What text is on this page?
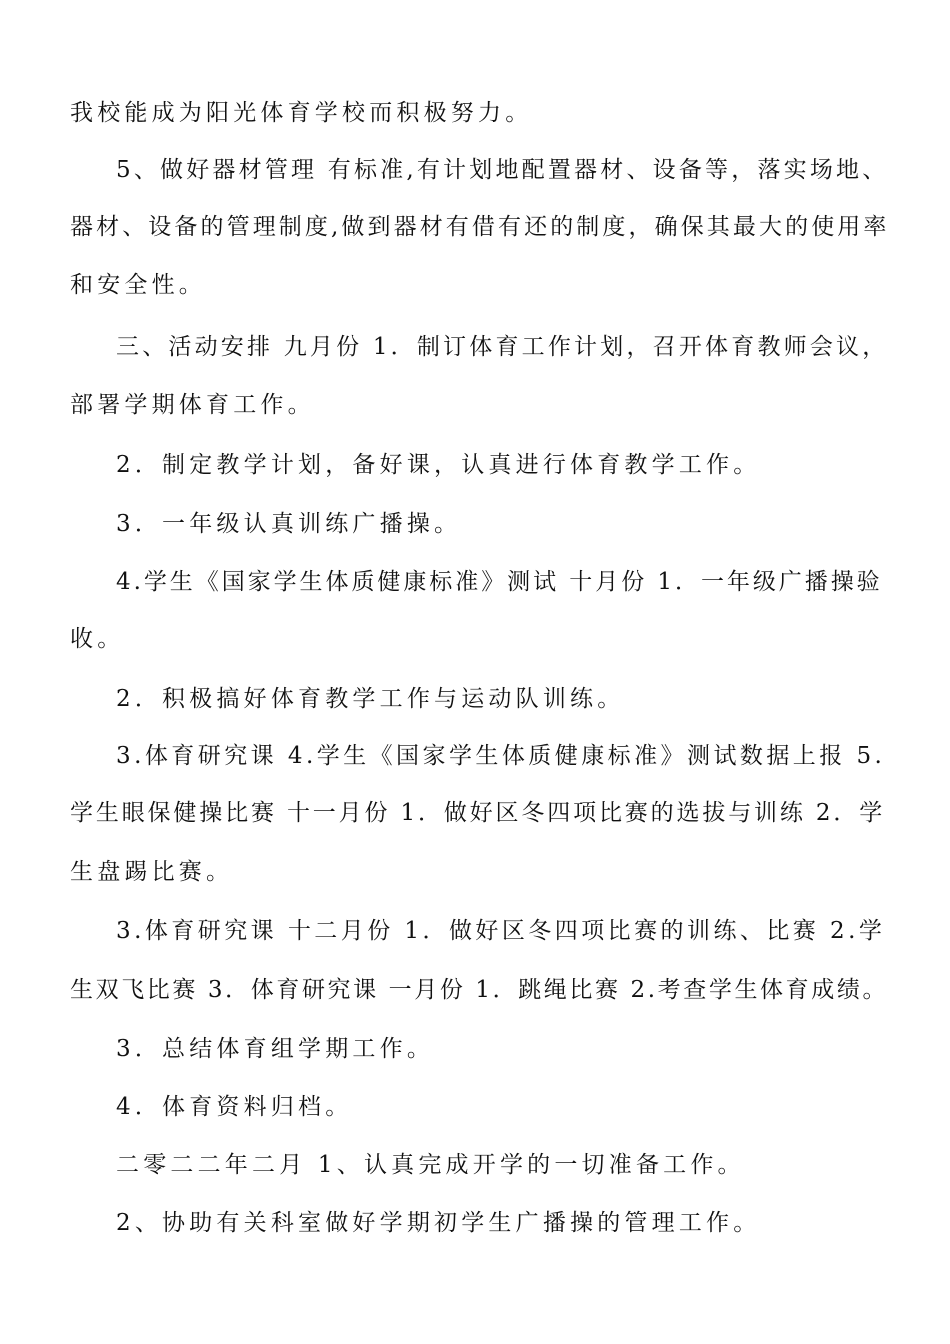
我校能成为阳光体育学校而积极努力。
5、做好器材管理 有标准,有计划地配置器材、设备等，落实场地、
器材、设备的管理制度,做到器材有借有还的制度，确保其最大的使用率
和安全性。
三、活动安排 九月份 1．制订体育工作计划，召开体育教师会议，
部署学期体育工作。
2．制定教学计划，备好课，认真进行体育教学工作。
3．一年级认真训练广播操。
4.学生《国家学生体质健康标准》测试 十月份 1．一年级广播操验
收。
2．积极搞好体育教学工作与运动队训练。
3.体育研究课 4.学生《国家学生体质健康标准》测试数据上报 5.
学生眼保健操比赛 十一月份 1．做好区冬四项比赛的选拔与训练 2．学
生盘踢比赛。
3.体育研究课 十二月份 1．做好区冬四项比赛的训练、比赛 2.学
生双飞比赛 3．体育研究课 一月份 1．跳绳比赛 2.考查学生体育成绩。
3．总结体育组学期工作。
4．体育资料归档。
二零二二年二月 1、认真完成开学的一切准备工作。
2、协助有关科室做好学期初学生广播操的管理工作。
